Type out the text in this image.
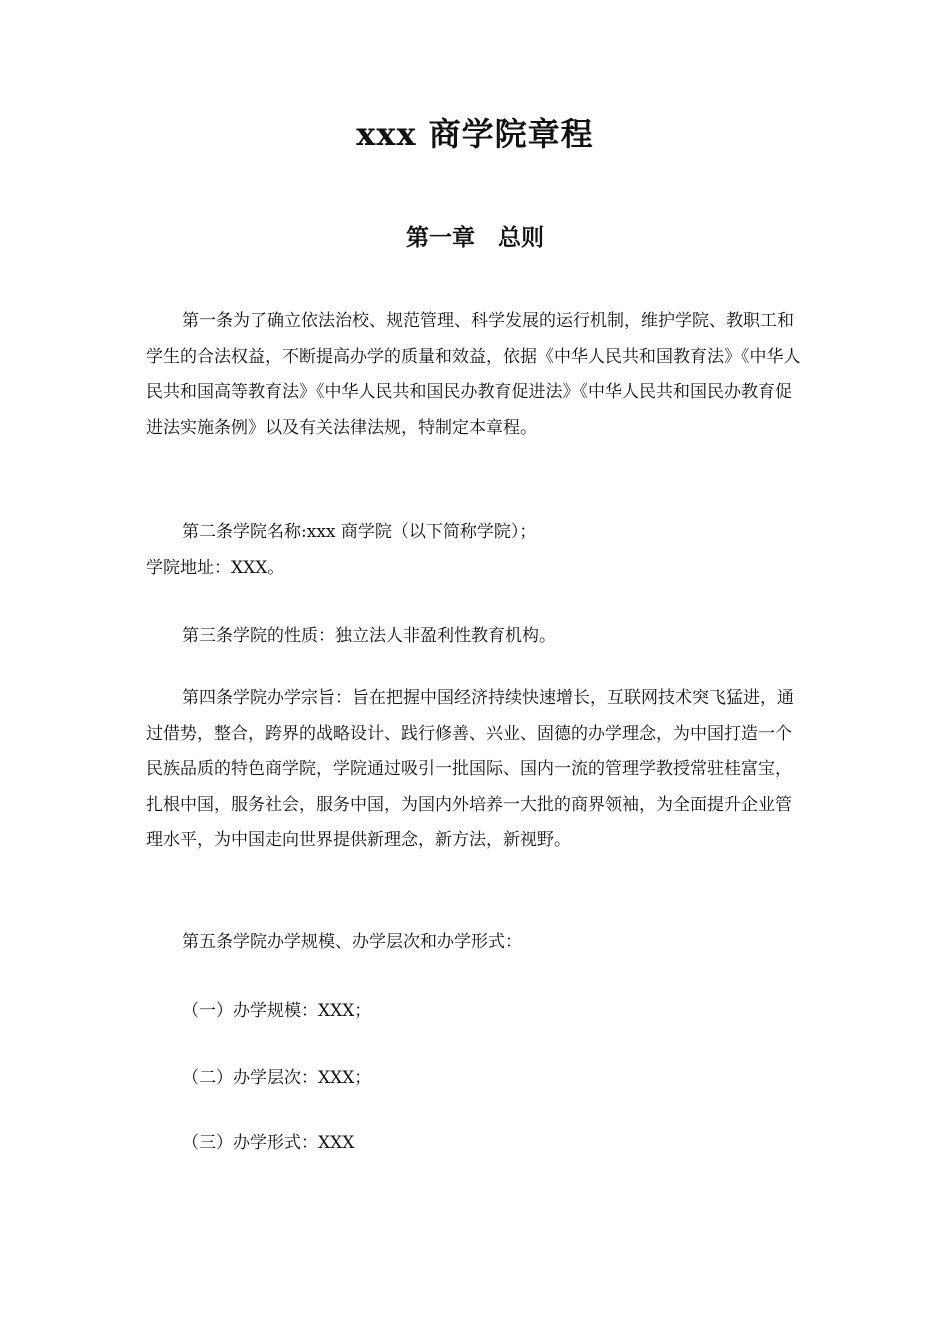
xxx 商学院章程
第一章　总则

第一条为了确立依法治校、规范管理、科学发展的运行机制，维护学院、教职工和学生的合法权益，不断提高办学的质量和效益，依据《中华人民共和国教育法》《中华人民共和国高等教育法》《中华人民共和国民办教育促进法》《中华人民共和国民办教育促进法实施条例》以及有关法律法规，特制定本章程。

第二条学院名称:xxx 商学院（以下简称学院）；
学院地址：XXX。

第三条学院的性质：独立法人非盈利性教育机构。

第四条学院办学宗旨：旨在把握中国经济持续快速增长，互联网技术突飞猛进，通过借势，整合，跨界的战略设计、践行修善、兴业、固德的办学理念，为中国打造一个民族品质的特色商学院，学院通过吸引一批国际、国内一流的管理学教授常驻桂富宝，扎根中国，服务社会，服务中国，为国内外培养一大批的商界领袖，为全面提升企业管理水平，为中国走向世界提供新理念，新方法，新视野。

第五条学院办学规模、办学层次和办学形式：

（一）办学规模：XXX；

（二）办学层次：XXX；

（三）办学形式：XXX
